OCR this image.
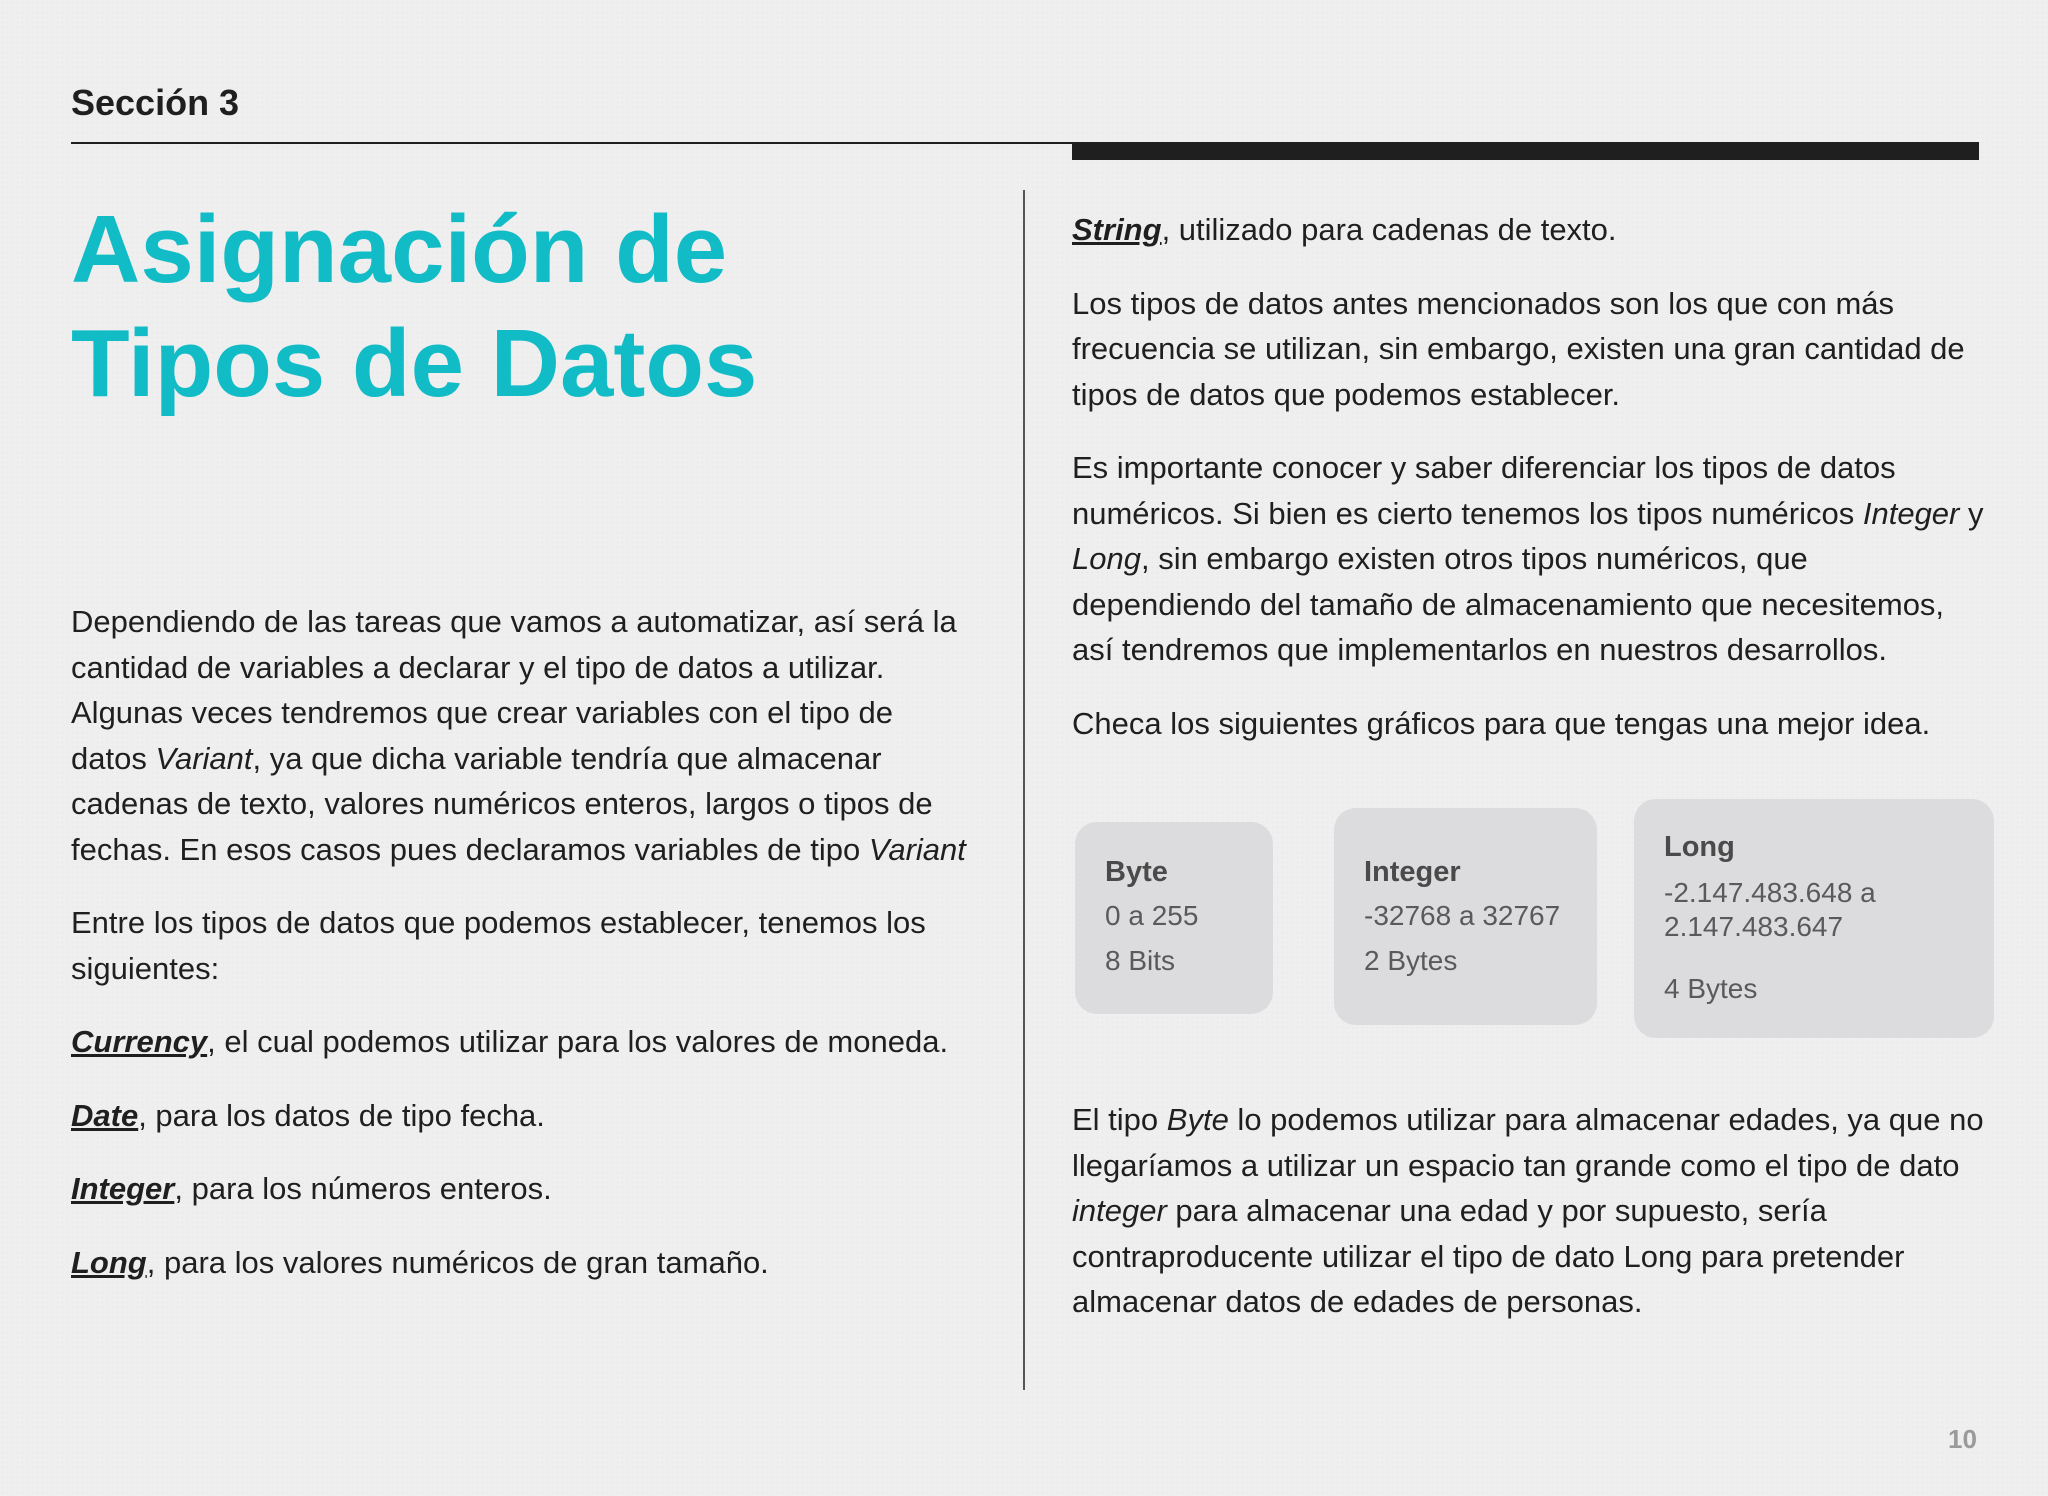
Sección 3
Asignación de
Tipos de Datos

Dependiendo de las tareas que vamos a automatizar, así será la cantidad de variables a declarar y el tipo de datos a utilizar. Algunas veces tendremos que crear variables con el tipo de datos Variant, ya que dicha variable tendría que almacenar cadenas de texto, valores numéricos enteros, largos o tipos de fechas. En esos casos pues declaramos variables de tipo Variant

Entre los tipos de datos que podemos establecer, tenemos los siguientes:

Currency, el cual podemos utilizar para los valores de moneda.

Date, para los datos de tipo fecha.

Integer, para los números enteros.

Long, para los valores numéricos de gran tamaño.

String, utilizado para cadenas de texto.

Los tipos de datos antes mencionados son los que con más frecuencia se utilizan, sin embargo, existen una gran cantidad de tipos de datos que podemos establecer.

Es importante conocer y saber diferenciar los tipos de datos numéricos. Si bien es cierto tenemos los tipos numéricos Integer y Long, sin embargo existen otros tipos numéricos, que dependiendo del tamaño de almacenamiento que necesitemos, así tendremos que implementarlos en nuestros desarrollos.

Checa los siguientes gráficos para que tengas una mejor idea.

Byte
0 a 255
8 Bits
Integer
-32768 a 32767
2 Bytes
Long
-2.147.483.648 a
2.147.483.647
4 Bytes

El tipo Byte lo podemos utilizar para almacenar edades, ya que no llegaríamos a utilizar un espacio tan grande como el tipo de dato integer para almacenar una edad y por supuesto, sería contraproducente utilizar el tipo de dato Long para pretender almacenar datos de edades de personas.

10
